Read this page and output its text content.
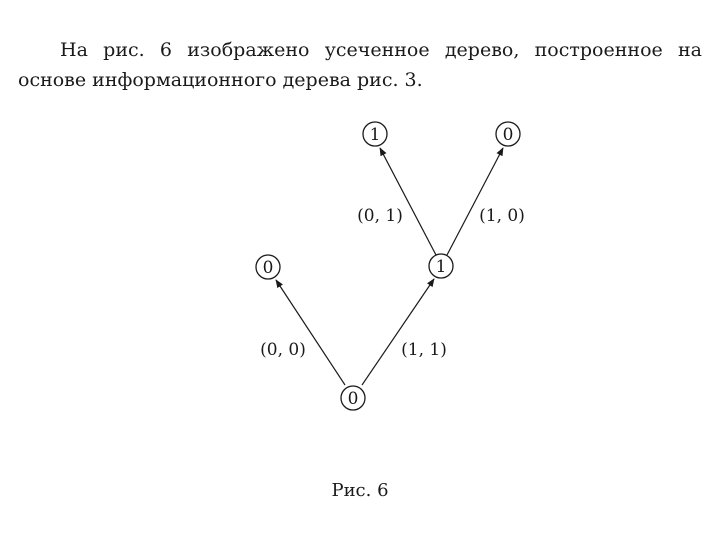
На рис. 6 изображено усеченное дерево, построенное на основе информационного дерева рис. 3.

(0, 0)	(1, 1)
(0, 1)	(1, 0)
0
0	1
1	0

Рис. 6
